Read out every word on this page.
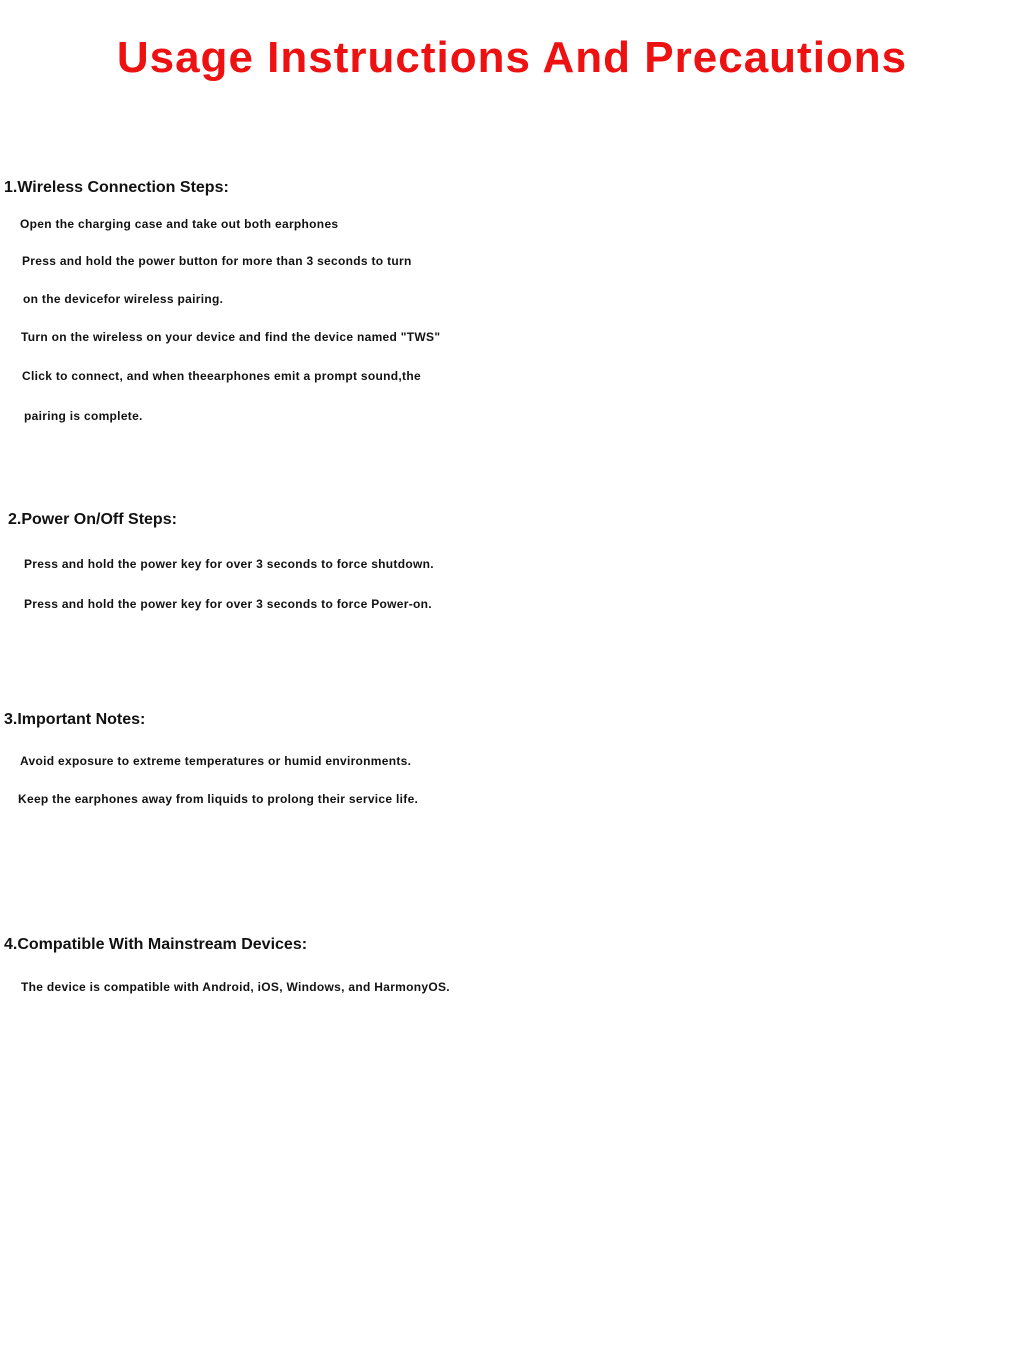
Usage Instructions And Precautions
1.Wireless Connection Steps:

Open the charging case and take out both earphones

Press and hold the power button for more than 3 seconds to turn

on the devicefor wireless pairing.

Turn on the wireless on your device and find the device named "TWS"

Click to connect, and when theearphones emit a prompt sound,the

pairing is complete.

2.Power On/Off Steps:

Press and hold the power key for over 3 seconds to force shutdown.

Press and hold the power key for over 3 seconds to force Power-on.

3.Important Notes:

Avoid exposure to extreme temperatures or humid environments.

Keep the earphones away from liquids to prolong their service life.

4.Compatible With Mainstream Devices:

The device is compatible with Android, iOS, Windows, and HarmonyOS.
